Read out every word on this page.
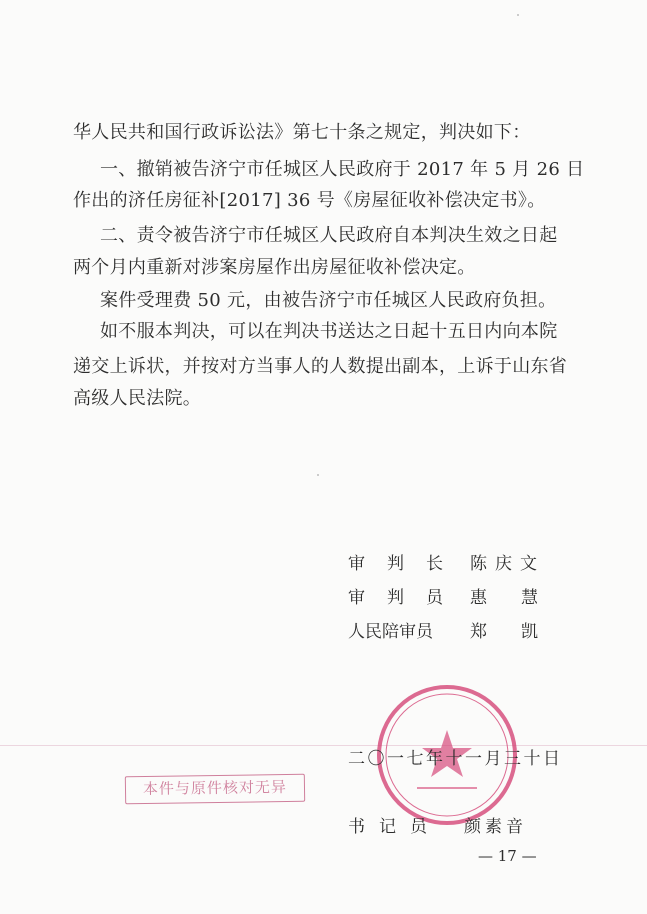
华人民共和国行政诉讼法》第七十条之规定，判决如下：
一、撤销被告济宁市任城区人民政府于 2017 年 5 月 26 日
作出的济任房征补[2017] 36 号《房屋征收补偿决定书》。
二、责令被告济宁市任城区人民政府自本判决生效之日起
两个月内重新对涉案房屋作出房屋征收补偿决定。
案件受理费 50 元，由被告济宁市任城区人民政府负担。
如不服本判决，可以在判决书送达之日起十五日内向本院
递交上诉状，并按对方当事人的人数提出副本，上诉于山东省
高级人民法院。
审判长 陈庆文
审判员 惠慧
人民陪审员 郑凯
二〇一七年十一月三十日
本件与原件核对无异
书记员 颜素音
— 17 —
